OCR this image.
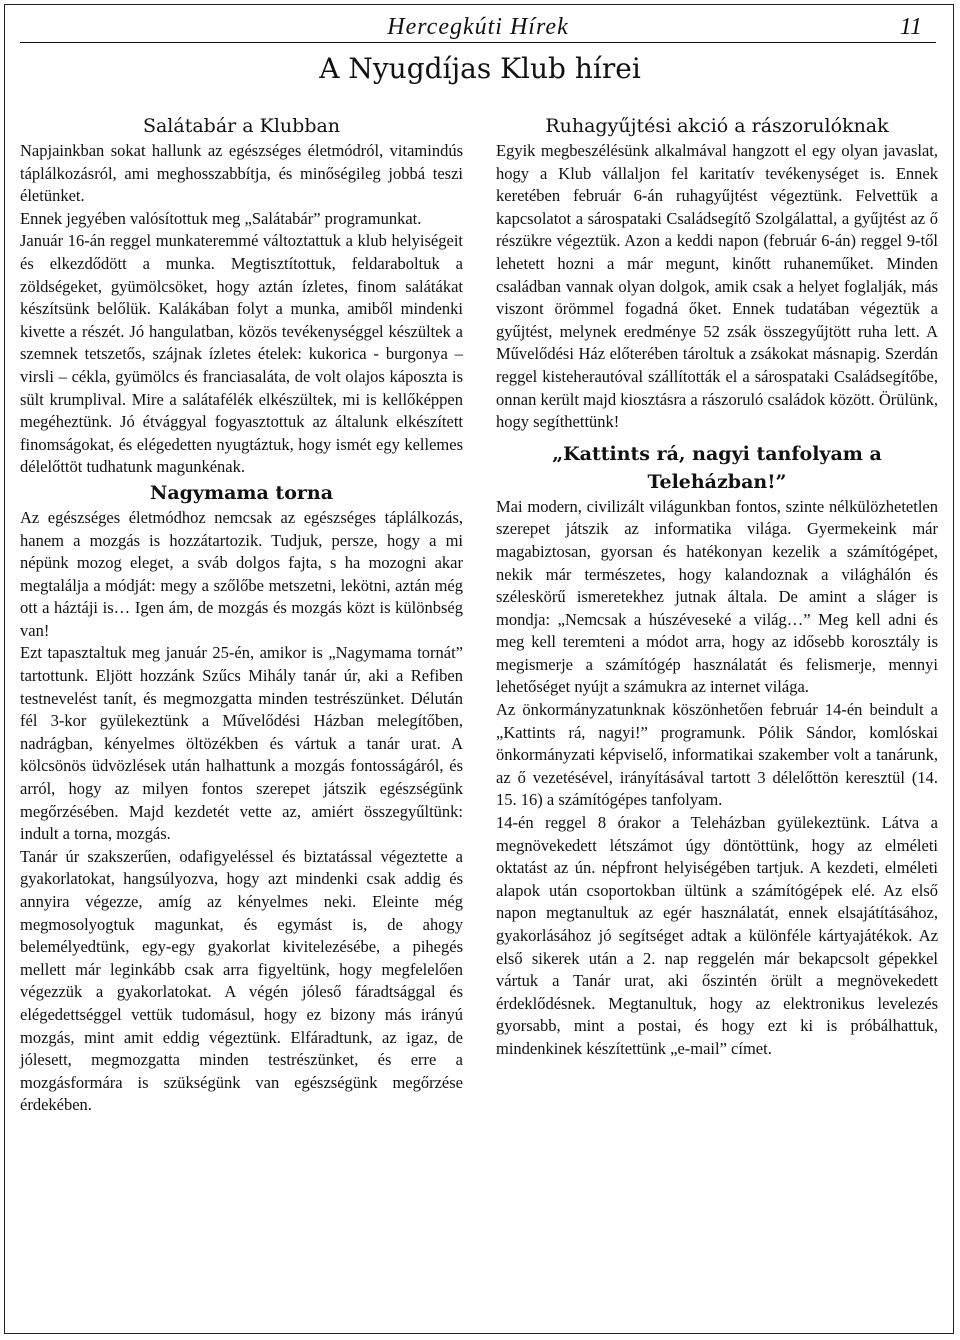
Hercegkúti Hírek	11
A Nyugdíjas Klub hírei
Salátabár a Klubban

Napjainkban sokat hallunk az egészséges életmódról, vitamindús táplálkozásról, ami meghosszabbítja, és minőségileg jobbá teszi életünket.

Ennek jegyében valósítottuk meg „Salátabár” programunkat.

Január 16-án reggel munkateremmé változtattuk a klub helyiségeit és elkezdődött a munka. Megtisztítottuk, feldaraboltuk a zöldségeket, gyümölcsöket, hogy aztán ízletes, finom salátákat készítsünk belőlük. Kalákában folyt a munka, amiből mindenki kivette a részét. Jó hangulatban, közös tevékenységgel készültek a szemnek tetszetős, szájnak ízletes ételek: kukorica - burgonya – virsli – cékla, gyümölcs és franciasaláta, de volt olajos káposzta is sült krumplival. Mire a salátafélék elkészültek, mi is kellőképpen megéheztünk. Jó étvággyal fogyasztottuk az általunk elkészített finomságokat, és elégedetten nyugtáztuk, hogy ismét egy kellemes délelőttöt tudhatunk magunkénak.

Nagymama torna

Az egészséges életmódhoz nemcsak az egészséges táplálkozás, hanem a mozgás is hozzátartozik. Tudjuk, persze, hogy a mi népünk mozog eleget, a sváb dolgos fajta, s ha mozogni akar megtalálja a módját: megy a szőlőbe metszetni, lekötni, aztán még ott a háztáji is… Igen ám, de mozgás és mozgás közt is különbség van!

Ezt tapasztaltuk meg január 25-én, amikor is „Nagymama tornát” tartottunk. Eljött hozzánk Szűcs Mihály tanár úr, aki a Refiben testnevelést tanít, és megmozgatta minden testrészünket. Délután fél 3-kor gyülekeztünk a Művelődési Házban melegítőben, nadrágban, kényelmes öltözékben és vártuk a tanár urat. A kölcsönös üdvözlések után halhattunk a mozgás fontosságáról, és arról, hogy az milyen fontos szerepet játszik egészségünk megőrzésében. Majd kezdetét vette az, amiért összegyűltünk: indult a torna, mozgás.

Tanár úr szakszerűen, odafigyeléssel és biztatással végeztette a gyakorlatokat, hangsúlyozva, hogy azt mindenki csak addig és annyira végezze, amíg az kényelmes neki. Eleinte még megmosolyogtuk magunkat, és egymást is, de ahogy belemélyedtünk, egy-egy gyakorlat kivitelezésébe, a pihegés mellett már leginkább csak arra figyeltünk, hogy megfelelően végezzük a gyakorlatokat. A végén jóleső fáradtsággal és elégedettséggel vettük tudomásul, hogy ez bizony más irányú mozgás, mint amit eddig végeztünk. Elfáradtunk, az igaz, de jólesett, megmozgatta minden testrészünket, és erre a mozgásformára is szükségünk van egészségünk megőrzése érdekében.

Ruhagyűjtési akció a rászorulóknak

Egyik megbeszélésünk alkalmával hangzott el egy olyan javaslat, hogy a Klub vállaljon fel karitatív tevékenységet is. Ennek keretében február 6-án ruhagyűjtést végeztünk. Felvettük a kapcsolatot a sárospataki Családsegítő Szolgálattal, a gyűjtést az ő részükre végeztük. Azon a keddi napon (február 6-án) reggel 9-től lehetett hozni a már megunt, kinőtt ruhaneműket. Minden családban vannak olyan dolgok, amik csak a helyet foglalják, más viszont örömmel fogadná őket. Ennek tudatában végeztük a gyűjtést, melynek eredménye 52 zsák összegyűjtött ruha lett. A Művelődési Ház előterében tároltuk a zsákokat másnapig. Szerdán reggel kisteherautóval szállították el a sárospataki Családsegítőbe, onnan került majd kiosztásra a rászoruló családok között. Örülünk, hogy segíthettünk!

„Kattints rá, nagyi tanfolyam a Teleházban!”

Mai modern, civilizált világunkban fontos, szinte nélkülözhetetlen szerepet játszik az informatika világa. Gyermekeink már magabiztosan, gyorsan és hatékonyan kezelik a számítógépet, nekik már természetes, hogy kalandoznak a világhálón és széleskörű ismeretekhez jutnak általa. De amint a sláger is mondja: „Nemcsak a húszéveseké a világ…” Meg kell adni és meg kell teremteni a módot arra, hogy az idősebb korosztály is megismerje a számítógép használatát és felismerje, mennyi lehetőséget nyújt a számukra az internet világa.

Az önkormányzatunknak köszönhetően február 14-én beindult a „Kattints rá, nagyi!” programunk. Pólik Sándor, komlóskai önkormányzati képviselő, informatikai szakember volt a tanárunk, az ő vezetésével, irányításával tartott 3 délelőttön keresztül (14. 15. 16) a számítógépes tanfolyam.

14-én reggel 8 órakor a Teleházban gyülekeztünk. Látva a megnövekedett létszámot úgy döntöttünk, hogy az elméleti oktatást az ún. népfront helyiségében tartjuk. A kezdeti, elméleti alapok után csoportokban ültünk a számítógépek elé. Az első napon megtanultuk az egér használatát, ennek elsajátításához, gyakorlásához jó segítséget adtak a különféle kártyajátékok. Az első sikerek után a 2. nap reggelén már bekapcsolt gépekkel vártuk a Tanár urat, aki őszintén örült a megnövekedett érdeklődésnek. Megtanultuk, hogy az elektronikus levelezés gyorsabb, mint a postai, és hogy ezt ki is próbálhattuk, mindenkinek készítettünk „e-mail” címet.
